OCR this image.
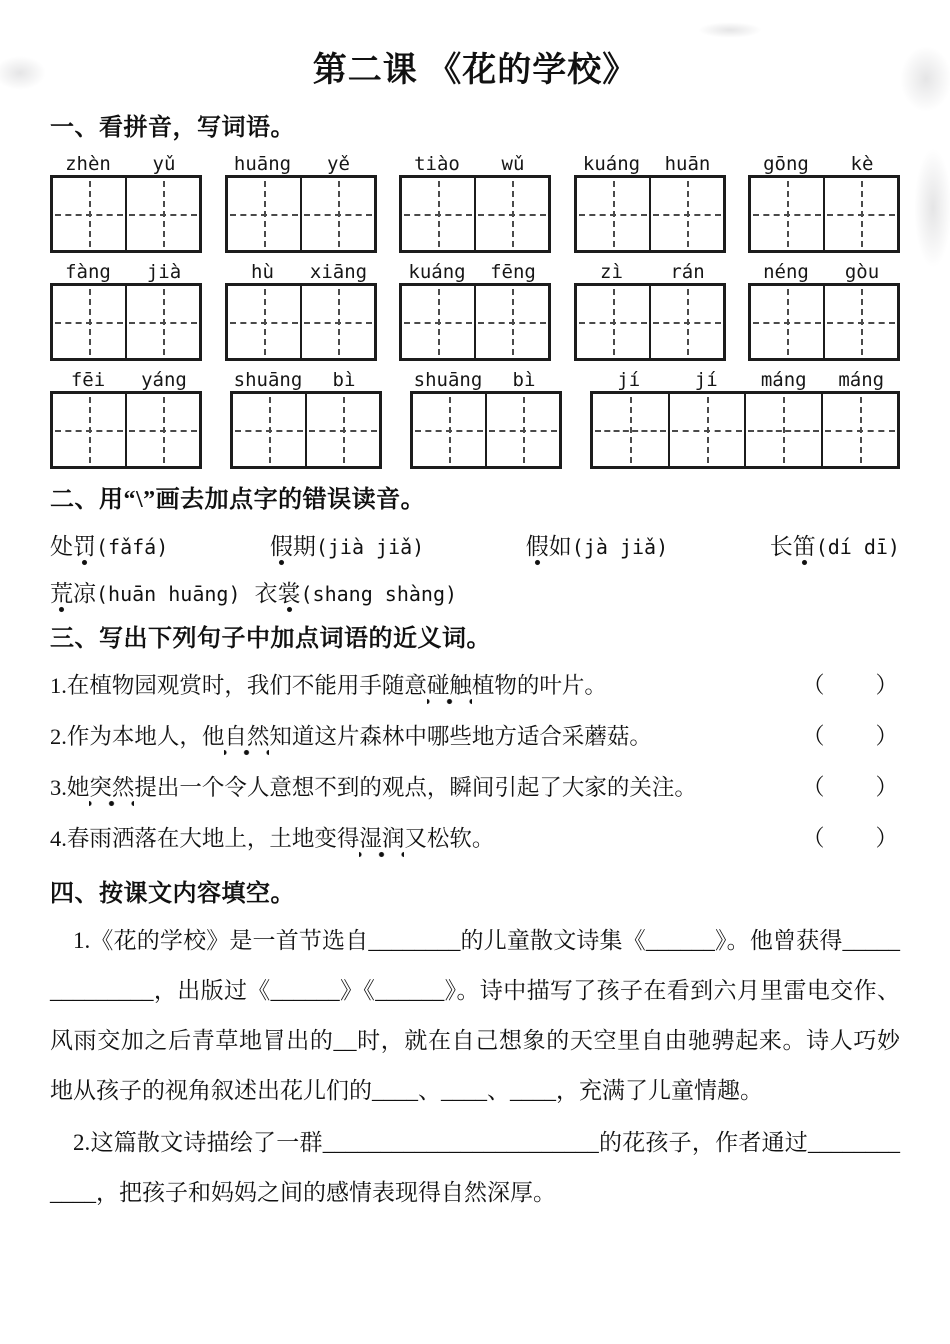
第二课 《花的学校》
一、看拼音，写词语。
zhèn	yǔ	huāng	yě	tiào	wǔ	kuáng	huān	gōng	kè
fàng	jià	hù	xiāng	kuáng	fēng	zì	rán	néng	gòu
fēi	yáng	shuāng	bì	shuāng	bì	jí	jí	máng	máng
二、用“\”画去加点字的错误读音。
处罚(fǎfá)	假期(jià jiǎ)	假如(jà jiǎ)	长笛(dí dī)
荒凉(huān huāng) 衣裳(shang shàng)
三、写出下列句子中加点词语的近义词。
1.在植物园观赏时，我们不能用手随意碰触植物的叶片。	（　　）
2.作为本地人，他自然知道这片森林中哪些地方适合采蘑菇。	（　　）
3.她突然提出一个令人意想不到的观点，瞬间引起了大家的关注。	（　　）
4.春雨洒落在大地上，土地变得湿润又松软。	（　　）
四、按课文内容填空。
1.《花的学校》是一首节选自________的儿童散文诗集《______》。他曾获得______________，出版过《______》《______》。诗中描写了孩子在看到六月里雷电交作、风雨交加之后青草地冒出的__时，就在自己想象的天空里自由驰骋起来。诗人巧妙地从孩子的视角叙述出花儿们的____、____、____，充满了儿童情趣。
2.这篇散文诗描绘了一群________________________的花孩子，作者通过____________，把孩子和妈妈之间的感情表现得自然深厚。
